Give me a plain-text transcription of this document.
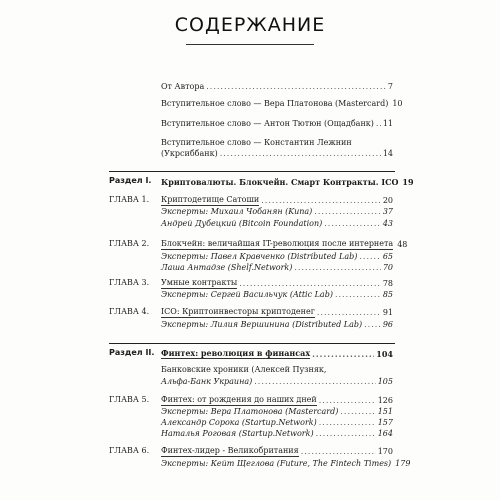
СОДЕРЖАНИЕ
От Автора .....	7
Вступительное слово — Вера Платонова (Mastercard) 10
Вступительное слово — Антон Тютюн (Ощадбанк) ..... 11
Вступительное слово — Константин Лежнин
(Укрсиббанк) .....	14
Раздел I. Криптовалюты. Блокчейн. Смарт Контракты. ICO 19
ГЛАВА 1. Криптодетище Сатоши .....	20
Эксперты: Михаил Чобанян (Kuna) .....	37
Андрей Дубецкий (Bitcoin Foundation) .....	43
ГЛАВА 2. Блокчейн: величайшая IT-революция после интернета 48
Эксперты: Павел Кравченко (Distributed Lab) .....	65
Лаша Антадзе (Shelf.Network) .....	70
ГЛАВА 3. Умные контракты .....	78
Эксперты: Сергей Васильчук (Attic Lab) .....	85
ГЛАВА 4. ICO: Криптоинвесторы криптоденег .....	91
Эксперты: Лилия Вершинина (Distributed Lab) .....	96
Раздел II. Финтех: революция в финансах .....	104
Банковские хроники (Алексей Пузняк,
Альфа-Банк Украина) .....	105
ГЛАВА 5. Финтех: от рождения до наших дней .....	126
Эксперты: Вера Платонова (Mastercard) .....	151
Александр Сорока (Startup.Network) .....	157
Наталья Роговая (Startup.Network) .....	164
ГЛАВА 6. Финтех-лидер - Великобритания .....	170
Эксперты: Кейт Щеглова (Future, The Fintech Times) 179
